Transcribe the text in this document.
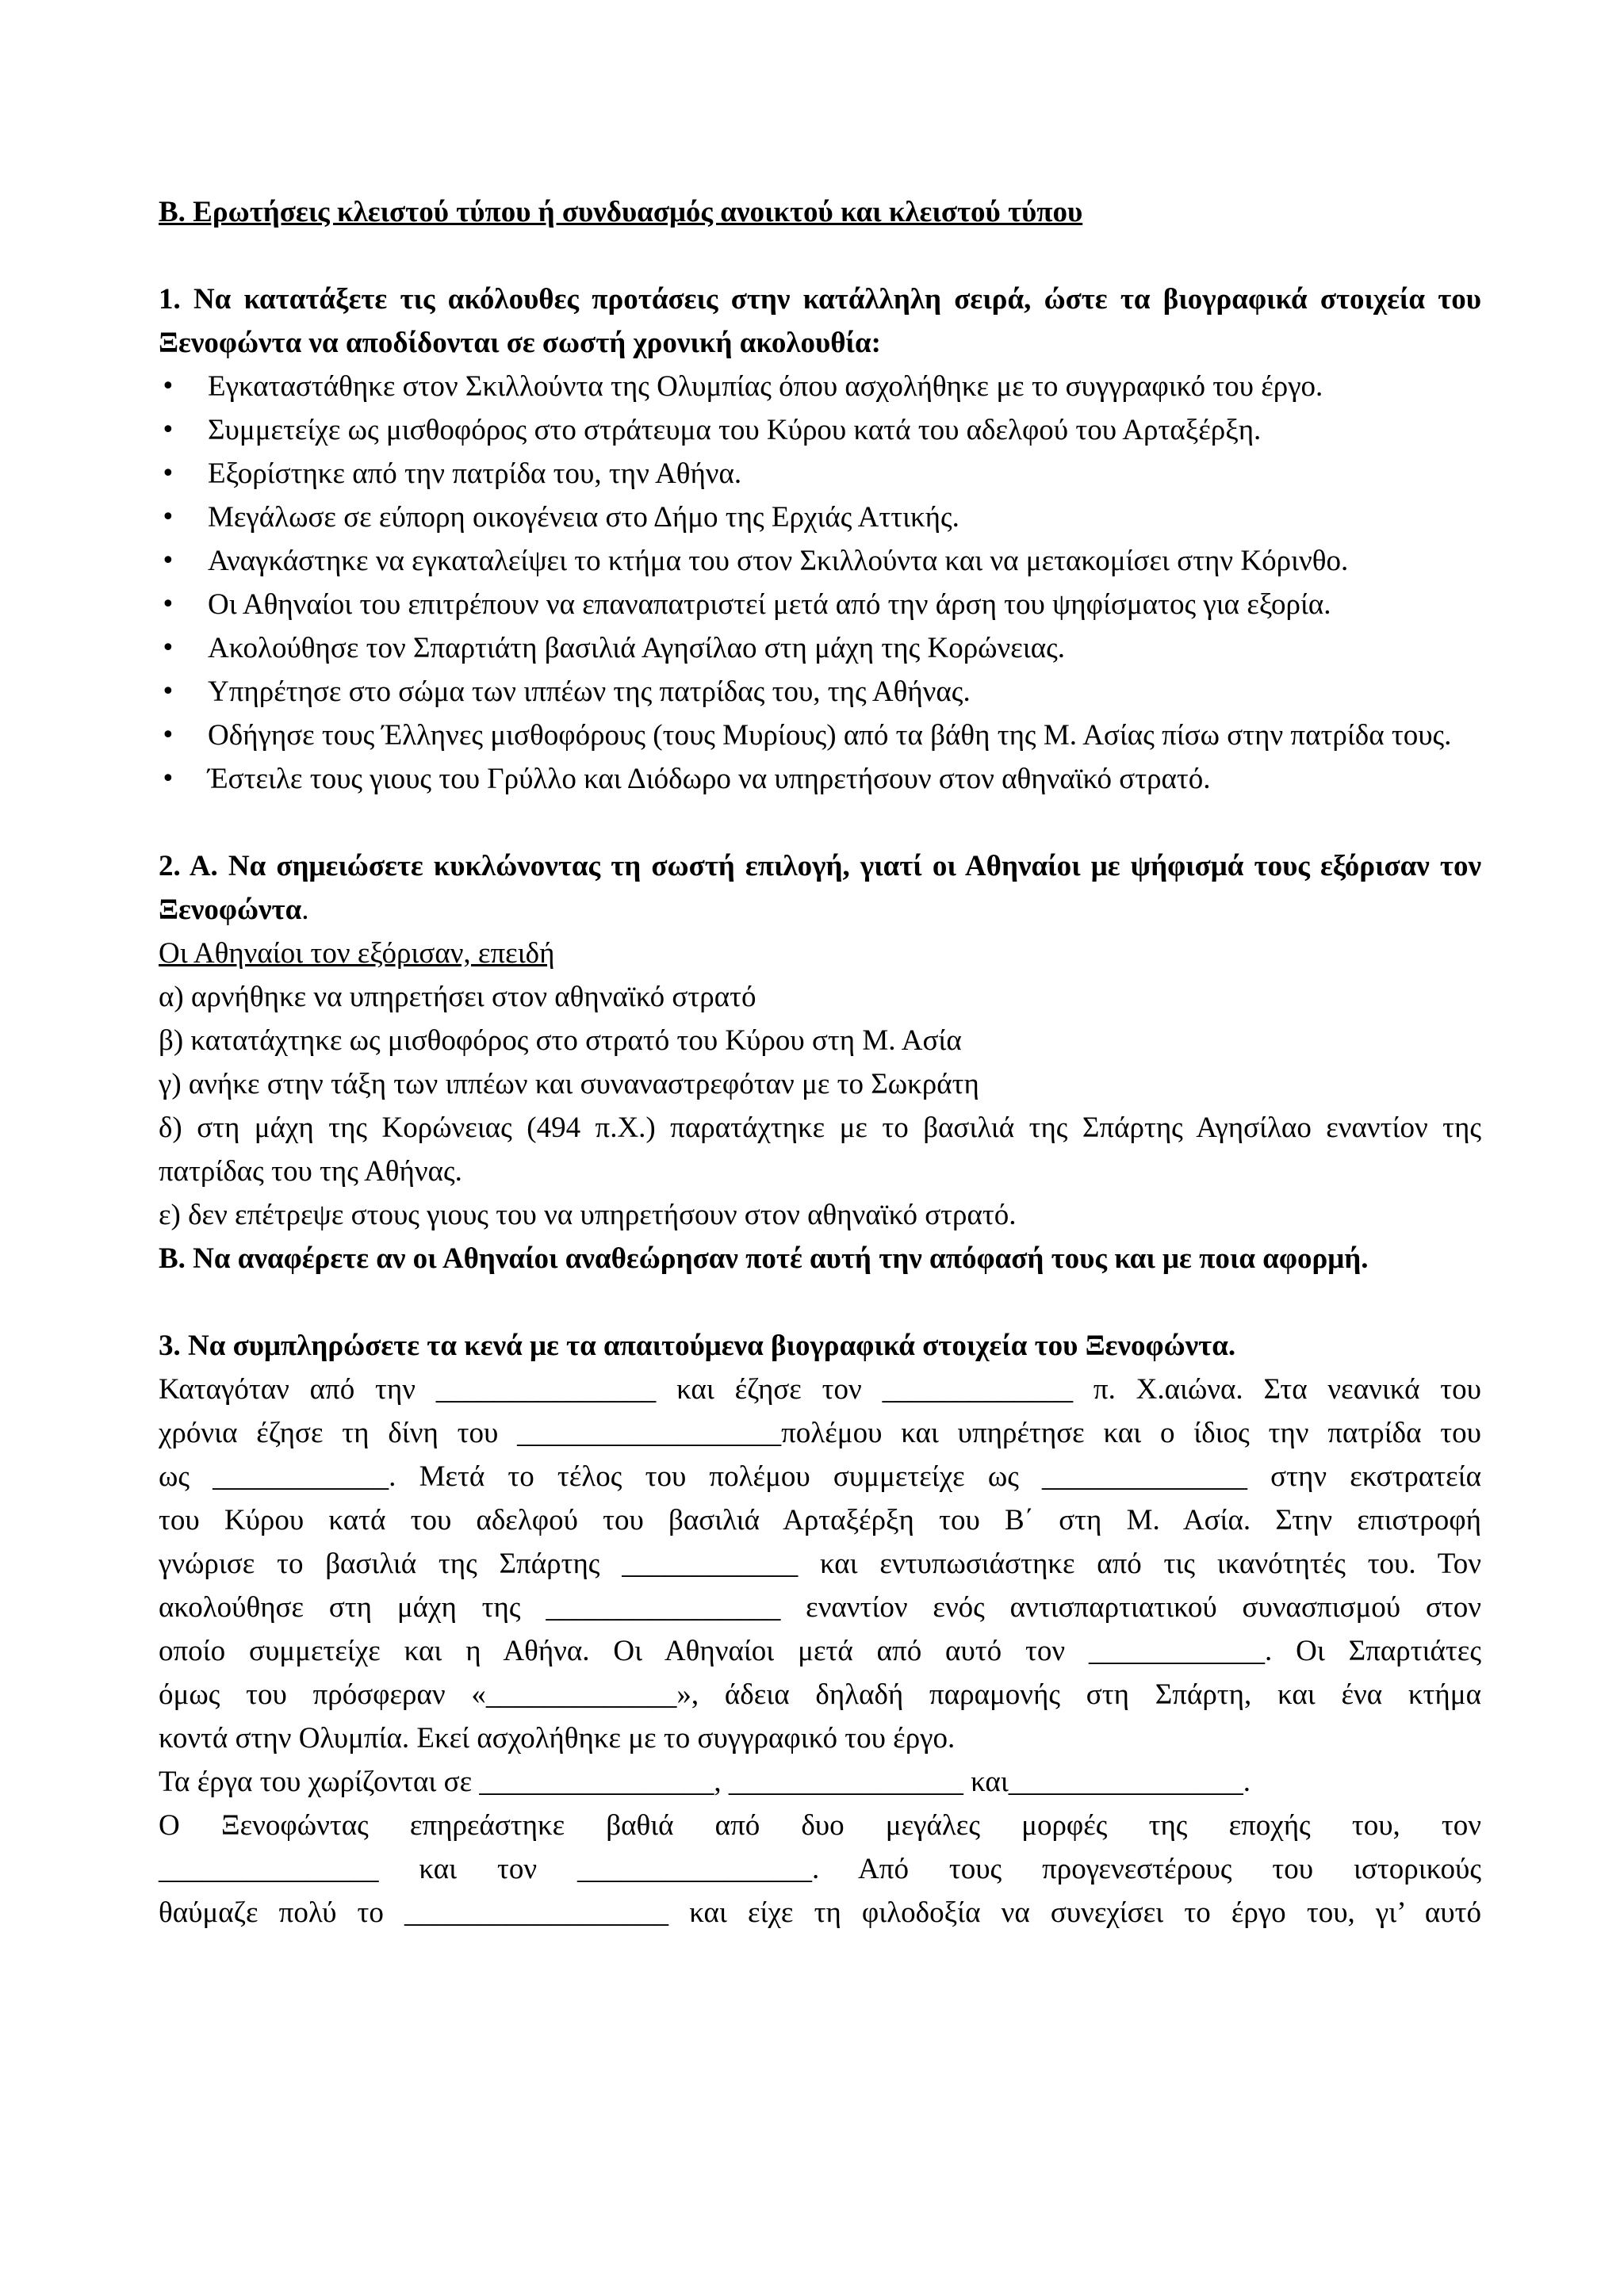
Β. Ερωτήσεις κλειστού τύπου ή συνδυασμός ανοικτού και κλειστού τύπου

1. Να κατατάξετε τις ακόλουθες προτάσεις στην κατάλληλη σειρά, ώστε τα βιογραφικά στοιχεία του Ξενοφώντα να αποδίδονται σε σωστή χρονική ακολουθία:

• Εγκαταστάθηκε στον Σκιλλούντα της Ολυμπίας όπου ασχολήθηκε με το συγγραφικό του έργο.
• Συμμετείχε ως μισθοφόρος στο στράτευμα του Κύρου κατά του αδελφού του Αρταξέρξη.
• Εξορίστηκε από την πατρίδα του, την Αθήνα.
• Μεγάλωσε σε εύπορη οικογένεια στο Δήμο της Ερχιάς Αττικής.
• Αναγκάστηκε να εγκαταλείψει το κτήμα του στον Σκιλλούντα και να μετακομίσει στην Κόρινθο.
• Οι Αθηναίοι του επιτρέπουν να επαναπατριστεί μετά από την άρση του ψηφίσματος για εξορία.
• Ακολούθησε τον Σπαρτιάτη βασιλιά Αγησίλαο στη μάχη της Κορώνειας.
• Υπηρέτησε στο σώμα των ιππέων της πατρίδας του, της Αθήνας.
• Οδήγησε τους Έλληνες μισθοφόρους (τους Μυρίους) από τα βάθη της Μ. Ασίας πίσω στην πατρίδα τους.
• Έστειλε τους γιους του Γρύλλο και Διόδωρο να υπηρετήσουν στον αθηναϊκό στρατό.

2. Α. Να σημειώσετε κυκλώνοντας τη σωστή επιλογή, γιατί οι Αθηναίοι με ψήφισμά τους εξόρισαν τον Ξενοφώντα.

Οι Αθηναίοι τον εξόρισαν, επειδή

α) αρνήθηκε να υπηρετήσει στον αθηναϊκό στρατό

β) κατατάχτηκε ως μισθοφόρος στο στρατό του Κύρου στη Μ. Ασία

γ) ανήκε στην τάξη των ιππέων και συναναστρεφόταν με το Σωκράτη

δ) στη μάχη της Κορώνειας (494 π.Χ.) παρατάχτηκε με το βασιλιά της Σπάρτης Αγησίλαο εναντίον της πατρίδας του της Αθήνας.

ε) δεν επέτρεψε στους γιους του να υπηρετήσουν στον αθηναϊκό στρατό.

Β. Να αναφέρετε αν οι Αθηναίοι αναθεώρησαν ποτέ αυτή την απόφασή τους και με ποια αφορμή.

3. Να συμπληρώσετε τα κενά με τα απαιτούμενα βιογραφικά στοιχεία του Ξενοφώντα.

Καταγόταν από την _______________ και έζησε τον _____________ π. Χ.αιώνα. Στα νεανικά του

χρόνια έζησε τη δίνη του __________________πολέμου και υπηρέτησε και ο ίδιος την πατρίδα του

ως ____________. Μετά το τέλος του πολέμου συμμετείχε ως ______________ στην εκστρατεία

του Κύρου κατά του αδελφού του βασιλιά Αρταξέρξη του Β΄ στη Μ. Ασία. Στην επιστροφή

γνώρισε το βασιλιά της Σπάρτης ____________ και εντυπωσιάστηκε από τις ικανότητές του. Τον

ακολούθησε στη μάχη της ________________ εναντίον ενός αντισπαρτιατικού συνασπισμού στον

οποίο συμμετείχε και η Αθήνα. Οι Αθηναίοι μετά από αυτό τον ____________. Οι Σπαρτιάτες

όμως του πρόσφεραν «_____________», άδεια δηλαδή παραμονής στη Σπάρτη, και ένα κτήμα

κοντά στην Ολυμπία. Εκεί ασχολήθηκε με το συγγραφικό του έργο.

Τα έργα του χωρίζονται σε ________________, ________________ και________________.

Ο Ξενοφώντας επηρεάστηκε βαθιά από δυο μεγάλες μορφές της εποχής του, τον

_______________ και τον ________________. Από τους προγενεστέρους του ιστορικούς

θαύμαζε πολύ το __________________ και είχε τη φιλοδοξία να συνεχίσει το έργο του, γι’ αυτό
